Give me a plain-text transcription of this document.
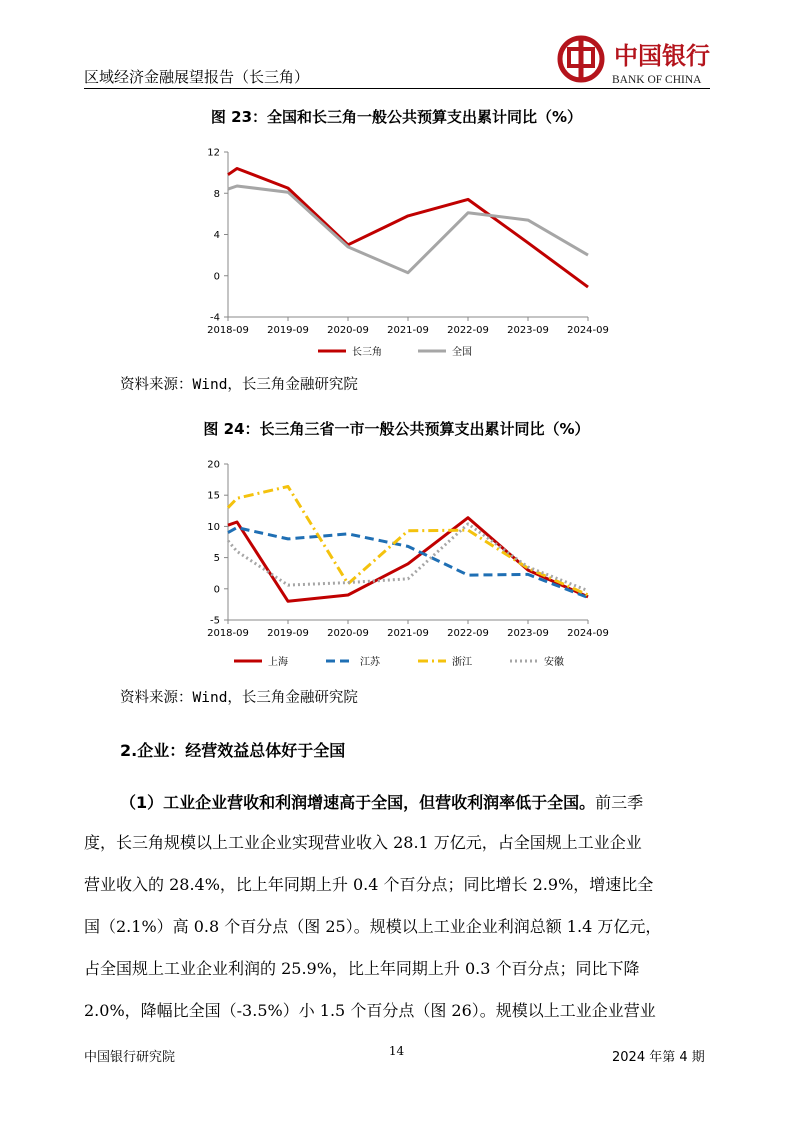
区域经济金融展望报告（长三角）
中国银行
BANK OF CHINA
图 23：全国和长三角一般公共预算支出累计同比（%）
-4
0
4
8
12
2018-09 2019-09 2020-09 2021-09 2022-09 2023-09 2024-09
长三角	全国
资料来源：Wind，长三角金融研究院
图 24：长三角三省一市一般公共预算支出累计同比（%）
-5
0
5
10
15
20
2018-09 2019-09 2020-09 2021-09 2022-09 2023-09 2024-09
上海	江苏	浙江	安徽
资料来源：Wind，长三角金融研究院
2.企业：经营效益总体好于全国
（1）工业企业营收和利润增速高于全国，但营收利润率低于全国。前三季
度，长三角规模以上工业企业实现营业收入 28.1 万亿元，占全国规上工业企业
营业收入的 28.4%，比上年同期上升 0.4 个百分点；同比增长 2.9%，增速比全
国（2.1%）高 0.8 个百分点（图 25）。规模以上工业企业利润总额 1.4 万亿元，
占全国规上工业企业利润的 25.9%，比上年同期上升 0.3 个百分点；同比下降
2.0%，降幅比全国（-3.5%）小 1.5 个百分点（图 26）。规模以上工业企业营业
中国银行研究院	14	2024 年第 4 期
